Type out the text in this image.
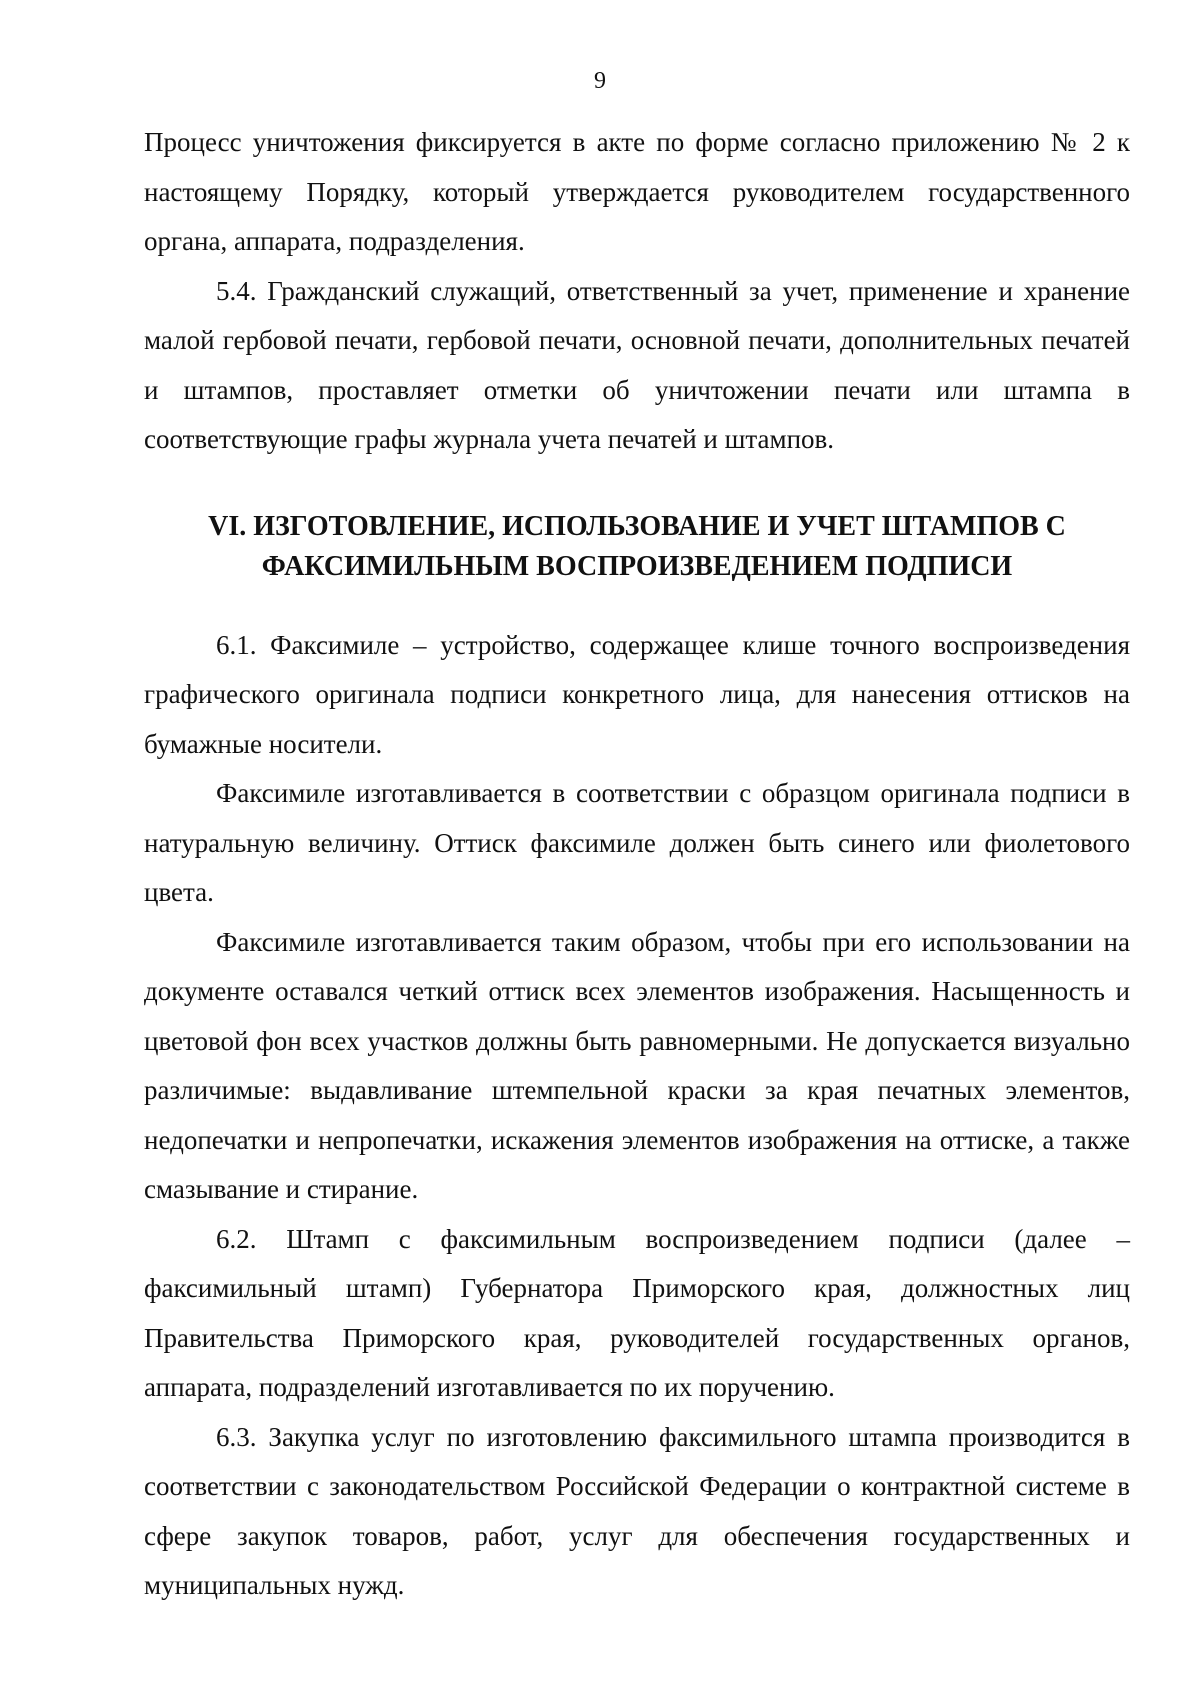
9

Процесс уничтожения фиксируется в акте по форме согласно приложению № 2 к настоящему Порядку, который утверждается руководителем государственного органа, аппарата, подразделения.

5.4. Гражданский служащий, ответственный за учет, применение и хранение малой гербовой печати, гербовой печати, основной печати, дополнительных печатей и штампов, проставляет отметки об уничтожении печати или штампа в соответствующие графы журнала учета печатей и штампов.

VI. ИЗГОТОВЛЕНИЕ, ИСПОЛЬЗОВАНИЕ И УЧЕТ ШТАМПОВ С
ФАКСИМИЛЬНЫМ ВОСПРОИЗВЕДЕНИЕМ ПОДПИСИ

6.1. Факсимиле – устройство, содержащее клише точного воспроизведения графического оригинала подписи конкретного лица, для нанесения оттисков на бумажные носители.

Факсимиле изготавливается в соответствии с образцом оригинала подписи в натуральную величину. Оттиск факсимиле должен быть синего или фиолетового цвета.

Факсимиле изготавливается таким образом, чтобы при его использовании на документе оставался четкий оттиск всех элементов изображения. Насыщенность и цветовой фон всех участков должны быть равномерными. Не допускается визуально различимые: выдавливание штемпельной краски за края печатных элементов, недопечатки и непропечатки, искажения элементов изображения на оттиске, а также смазывание и стирание.

6.2. Штамп с факсимильным воспроизведением подписи (далее – факсимильный штамп) Губернатора Приморского края, должностных лиц Правительства Приморского края, руководителей государственных органов, аппарата, подразделений изготавливается по их поручению.

6.3. Закупка услуг по изготовлению факсимильного штампа производится в соответствии с законодательством Российской Федерации о контрактной системе в сфере закупок товаров, работ, услуг для обеспечения государственных и муниципальных нужд.
